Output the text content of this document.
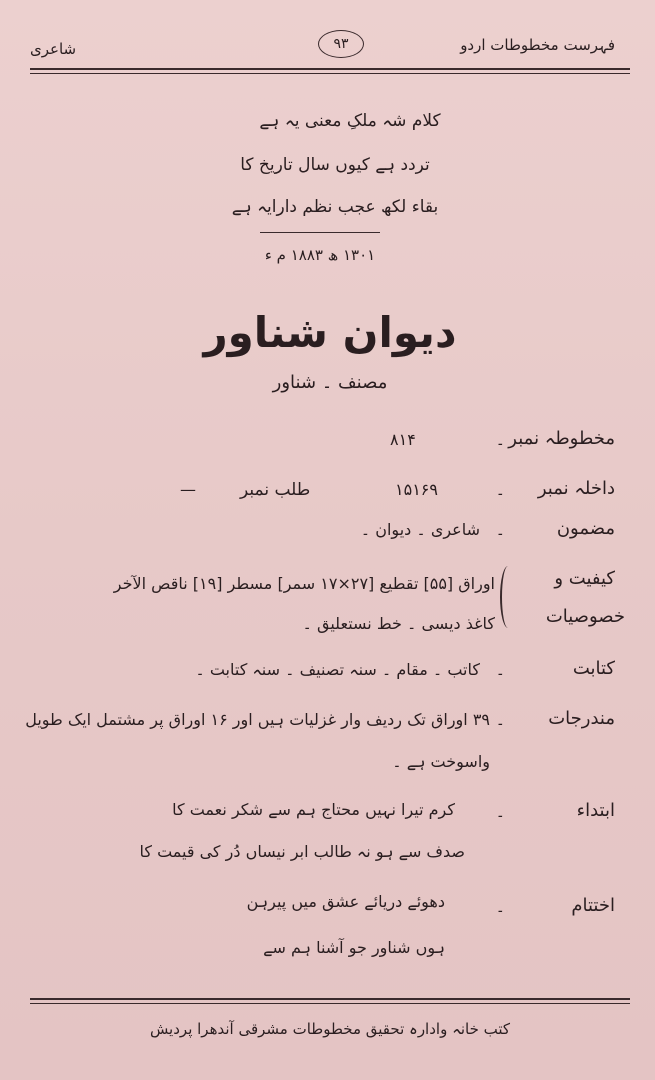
فہرست مخطوطات اردو
۹۳
شاعری
کلام شہ ملکِ معنی یہ ہے
تردد ہے کیوں سال تاریخ کا
بقاء لکھ عجب نظم دارایہ ہے
۱۳۰۱ ھ ۱۸۸۳ م ء
دیوان شناور
مصنف ۔ شناور
مخطوطہ نمبر
۔
۸۱۴
داخلہ نمبر
۔
۱۵۱۶۹
طلب نمبر
—
مضمون
۔
شاعری ۔ دیوان ۔
کیفیت و
خصوصیات
اوراق [۵۵] تقطیع [۲۷×۱۷ سمر] مسطر [۱۹] ناقص الآخر
کاغذ دیسی ۔ خط نستعلیق ۔
کتابت
۔
کاتب ۔ مقام ۔ سنہ تصنیف ۔ سنہ کتابت ۔
مندرجات
۔
۳۹ اوراق تک ردیف وار غزلیات ہیں اور ۱۶ اوراق پر مشتمل ایک طویل
واسوخت ہے ۔
ابتداء
۔
کرم تیرا نہیں محتاج ہم سے شکر نعمت کا
صدف سے ہو نہ طالب ابر نیساں دُر کی قیمت کا
اختتام
۔
دھوئے دریائے عشق میں پیرہن
ہوں شناور جو آشنا ہم سے
کتب خانہ وادارہ تحقیق مخطوطات مشرقی آندھرا پردیش
